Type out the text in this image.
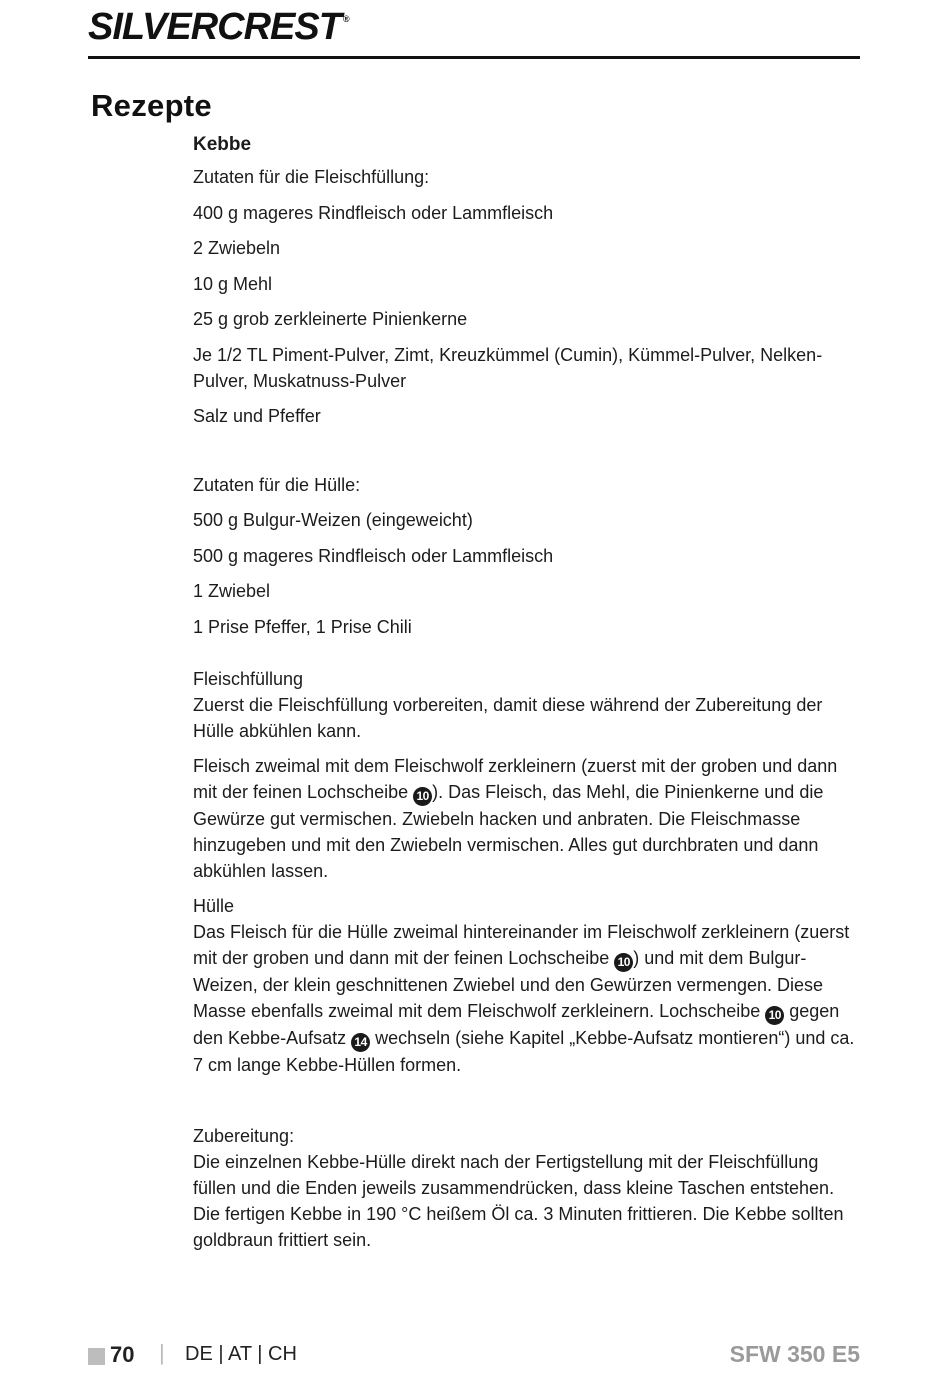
SILVERCREST ®
Rezepte
Kebbe

Zutaten für die Fleischfüllung:

400 g mageres Rindfleisch oder Lammfleisch

2 Zwiebeln

10 g Mehl

25 g grob zerkleinerte Pinienkerne

Je 1/2 TL Piment-Pulver, Zimt, Kreuzkümmel (Cumin), Kümmel-Pulver, Nelken-Pulver, Muskatnuss-Pulver

Salz und Pfeffer

Zutaten für die Hülle:

500 g Bulgur-Weizen (eingeweicht)

500 g mageres Rindfleisch oder Lammfleisch

1 Zwiebel

1 Prise Pfeffer, 1 Prise Chili

Fleischfüllung
Zuerst die Fleischfüllung vorbereiten, damit diese während der Zubereitung der Hülle abkühlen kann.
Fleisch zweimal mit dem Fleischwolf zerkleinern (zuerst mit der groben und dann mit der feinen Lochscheibe 10 ). Das Fleisch, das Mehl, die Pinienkerne und die Gewürze gut vermischen. Zwiebeln hacken und anbraten. Die Fleischmasse hinzugeben und mit den Zwiebeln vermischen. Alles gut durchbraten und dann abkühlen lassen.
Hülle
Das Fleisch für die Hülle zweimal hintereinander im Fleischwolf zerkleinern (zuerst mit der groben und dann mit der feinen Lochscheibe 10 ) und mit dem Bulgur-Weizen, der klein geschnittenen Zwiebel und den Gewürzen vermengen. Diese Masse ebenfalls zweimal mit dem Fleischwolf zerkleinern. Lochscheibe 10 gegen den Kebbe-Aufsatz 14 wechseln (siehe Kapitel „Kebbe-Aufsatz montieren“) und ca. 7 cm lange Kebbe-Hüllen formen.
Zubereitung:
Die einzelnen Kebbe-Hülle direkt nach der Fertigstellung mit der Fleischfüllung füllen und die Enden jeweils zusammendrücken, dass kleine Taschen entstehen. Die fertigen Kebbe in 190 °C heißem Öl ca. 3 Minuten frittieren. Die Kebbe sollten goldbraun frittiert sein.
70 | DE | AT | CH	SFW 350 E5
